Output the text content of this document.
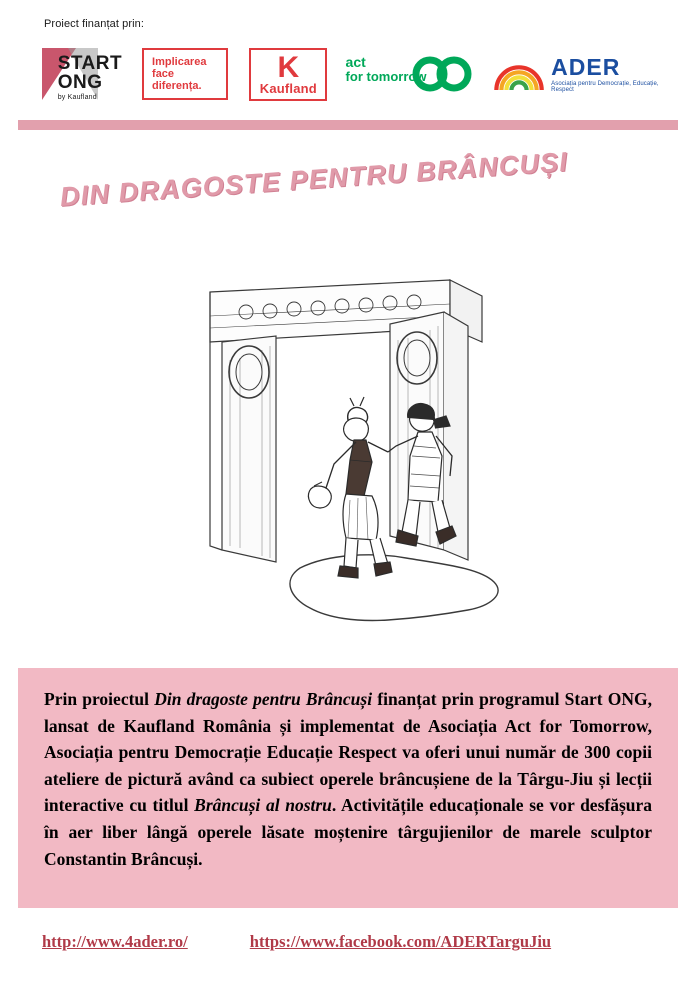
Proiect finanțat prin:
START
ONG
by Kaufland
Implicarea
face
diferența.
K
Kaufland
act
for tomorrow	ADER
Asociația pentru Democrație, Educație, Respect
DIN DRAGOSTE PENTRU BRÂNCUȘI
Prin proiectul Din dragoste pentru Brâncuși finanțat prin programul Start ONG, lansat de Kaufland România și implementat de Asociația Act for Tomorrow, Asociația pentru Democrație Educație Respect va oferi unui număr de 300 copii ateliere de pictură având ca subiect operele brâncușiene de la Târgu-Jiu și lecții interactive cu titlul Brâncuși al nostru. Activitățile educaționale se vor desfășura în aer liber lângă operele lăsate moștenire târgujienilor de marele sculptor Constantin Brâncuși.
http://www.4ader.ro/	https://www.facebook.com/ADERTarguJiu
